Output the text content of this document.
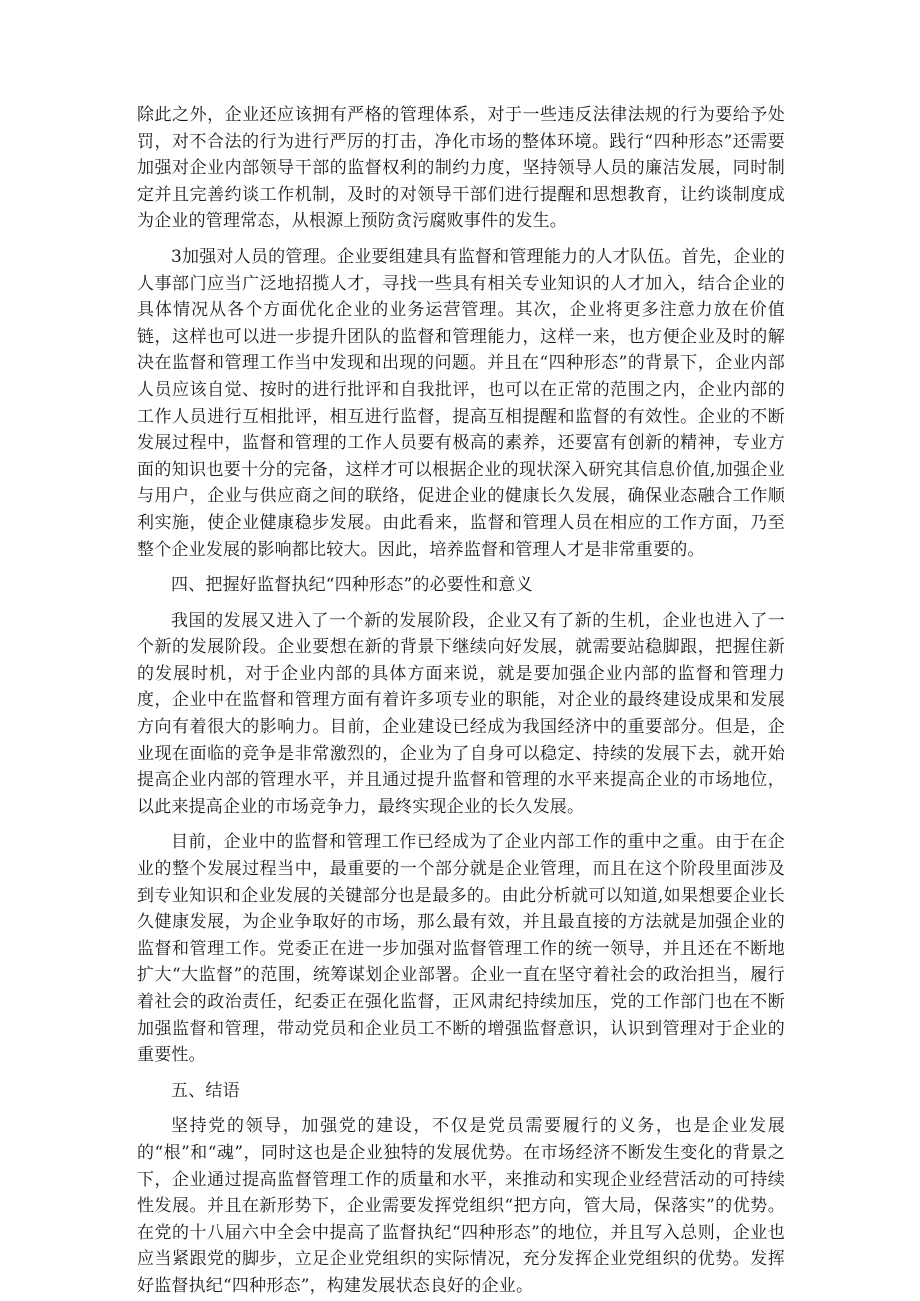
除此之外，企业还应该拥有严格的管理体系，对于一些违反法律法规的行为要给予处罚，对不合法的行为进行严厉的打击，净化市场的整体环境。践行“四种形态”还需要加强对企业内部领导干部的监督权利的制约力度，坚持领导人员的廉洁发展，同时制定并且完善约谈工作机制，及时的对领导干部们进行提醒和思想教育，让约谈制度成为企业的管理常态，从根源上预防贪污腐败事件的发生。

3加强对人员的管理。企业要组建具有监督和管理能力的人才队伍。首先，企业的人事部门应当广泛地招揽人才，寻找一些具有相关专业知识的人才加入，结合企业的具体情况从各个方面优化企业的业务运营管理。其次，企业将更多注意力放在价值链，这样也可以进一步提升团队的监督和管理能力，这样一来，也方便企业及时的解决在监督和管理工作当中发现和出现的问题。并且在“四种形态”的背景下，企业内部人员应该自觉、按时的进行批评和自我批评，也可以在正常的范围之内，企业内部的工作人员进行互相批评，相互进行监督，提高互相提醒和监督的有效性。企业的不断发展过程中，监督和管理的工作人员要有极高的素养，还要富有创新的精神，专业方面的知识也要十分的完备，这样才可以根据企业的现状深入研究其信息价值,加强企业与用户，企业与供应商之间的联络，促进企业的健康长久发展，确保业态融合工作顺利实施，使企业健康稳步发展。由此看来，监督和管理人员在相应的工作方面，乃至整个企业发展的影响都比较大。因此，培养监督和管理人才是非常重要的。

四、把握好监督执纪“四种形态”的必要性和意义

我国的发展又进入了一个新的发展阶段，企业又有了新的生机，企业也进入了一个新的发展阶段。企业要想在新的背景下继续向好发展，就需要站稳脚跟，把握住新的发展时机，对于企业内部的具体方面来说，就是要加强企业内部的监督和管理力度，企业中在监督和管理方面有着许多项专业的职能，对企业的最终建设成果和发展方向有着很大的影响力。目前，企业建设已经成为我国经济中的重要部分。但是，企业现在面临的竞争是非常激烈的，企业为了自身可以稳定、持续的发展下去，就开始提高企业内部的管理水平，并且通过提升监督和管理的水平来提高企业的市场地位，以此来提高企业的市场竞争力，最终实现企业的长久发展。

目前，企业中的监督和管理工作已经成为了企业内部工作的重中之重。由于在企业的整个发展过程当中，最重要的一个部分就是企业管理，而且在这个阶段里面涉及到专业知识和企业发展的关键部分也是最多的。由此分析就可以知道,如果想要企业长久健康发展，为企业争取好的市场，那么最有效，并且最直接的方法就是加强企业的监督和管理工作。党委正在进一步加强对监督管理工作的统一领导，并且还在不断地扩大“大监督”的范围，统筹谋划企业部署。企业一直在坚守着社会的政治担当，履行着社会的政治责任，纪委正在强化监督，正风肃纪持续加压，党的工作部门也在不断加强监督和管理，带动党员和企业员工不断的增强监督意识，认识到管理对于企业的重要性。

五、结语

坚持党的领导，加强党的建设，不仅是党员需要履行的义务，也是企业发展的“根”和“魂”，同时这也是企业独特的发展优势。在市场经济不断发生变化的背景之下，企业通过提高监督管理工作的质量和水平，来推动和实现企业经营活动的可持续性发展。并且在新形势下，企业需要发挥党组织“把方向，管大局，保落实”的优势。在党的十八届六中全会中提高了监督执纪“四种形态”的地位，并且写入总则，企业也应当紧跟党的脚步，立足企业党组织的实际情况，充分发挥企业党组织的优势。发挥好监督执纪“四种形态”，构建发展状态良好的企业。
